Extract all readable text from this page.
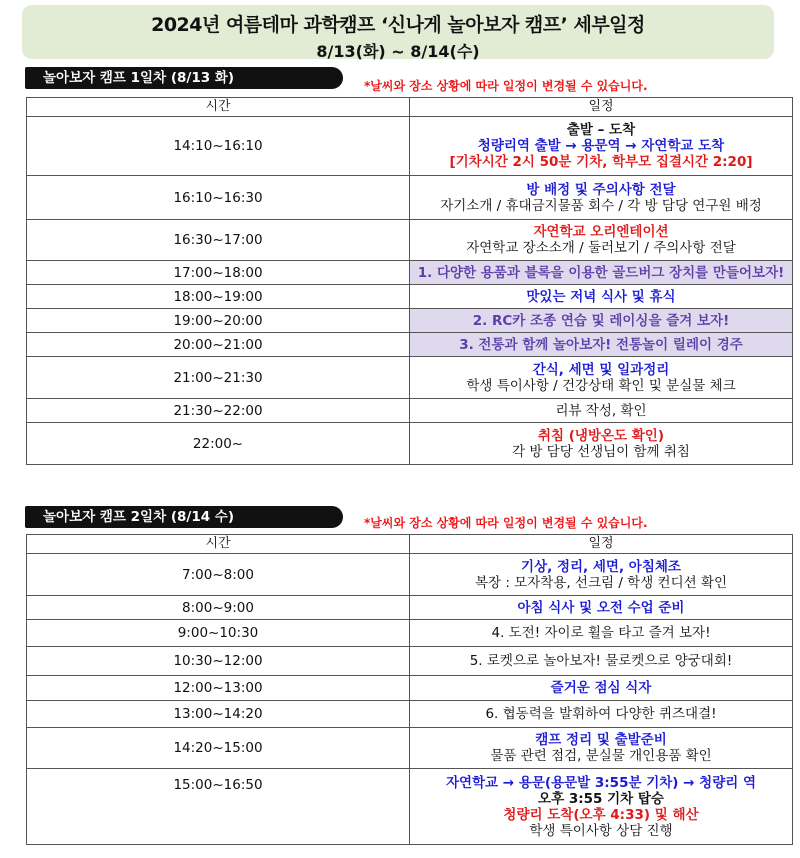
2024년 여름테마 과학캠프 ‘신나게 놀아보자 캠프’ 세부일정
8/13(화) ~ 8/14(수)
놀아보자 캠프 1일차 (8/13 화)	*날씨와 장소 상황에 따라 일정이 변경될 수 있습니다.
시간	일정
14:10~16:10	출발 – 도착
청량리역 출발 → 용문역 → 자연학교 도착
[기차시간 2시 50분 기차, 학부모 집결시간 2:20]

16:10~16:30	방 배정 및 주의사항 전달
자기소개 / 휴대금지물품 회수 / 각 방 담당 연구원 배정

16:30~17:00	자연학교 오리엔테이션
자연학교 장소소개 / 둘러보기 / 주의사항 전달

17:00~18:00	1. 다양한 용품과 블록을 이용한 골드버그 장치를 만들어보자!

18:00~19:00	맛있는 저녁 식사 및 휴식

19:00~20:00	2. RC카 조종 연습 및 레이싱을 즐겨 보자!

20:00~21:00	3. 전통과 함께 놀아보자! 전통놀이 릴레이 경주

21:00~21:30	간식, 세면 및 일과정리
학생 특이사항 / 건강상태 확인 및 분실물 체크

21:30~22:00	리뷰 작성, 확인

22:00~	취침 (냉방온도 확인)
각 방 담당 선생님이 함께 취침
놀아보자 캠프 2일차 (8/14 수)	*날씨와 장소 상황에 따라 일정이 변경될 수 있습니다.
시간	일정
7:00~8:00	기상, 정리, 세면, 아침체조
복장 : 모자착용, 선크림 / 학생 컨디션 확인

8:00~9:00	아침 식사 및 오전 수업 준비

9:00~10:30	4. 도전! 자이로 휠을 타고 즐겨 보자!

10:30~12:00	5. 로켓으로 놀아보자! 물로켓으로 양궁대회!

12:00~13:00	즐거운 점심 식자

13:00~14:20	6. 협동력을 발휘하여 다양한 퀴즈대결!

14:20~15:00	캠프 정리 및 출발준비
물품 관련 점검, 분실물 개인용품 확인

15:00~16:50	자연학교 → 용문(용문발 3:55분 기차) → 청량리 역
오후 3:55 기차 탑승
청량리 도착(오후 4:33) 및 해산
학생 특이사항 상담 진행
